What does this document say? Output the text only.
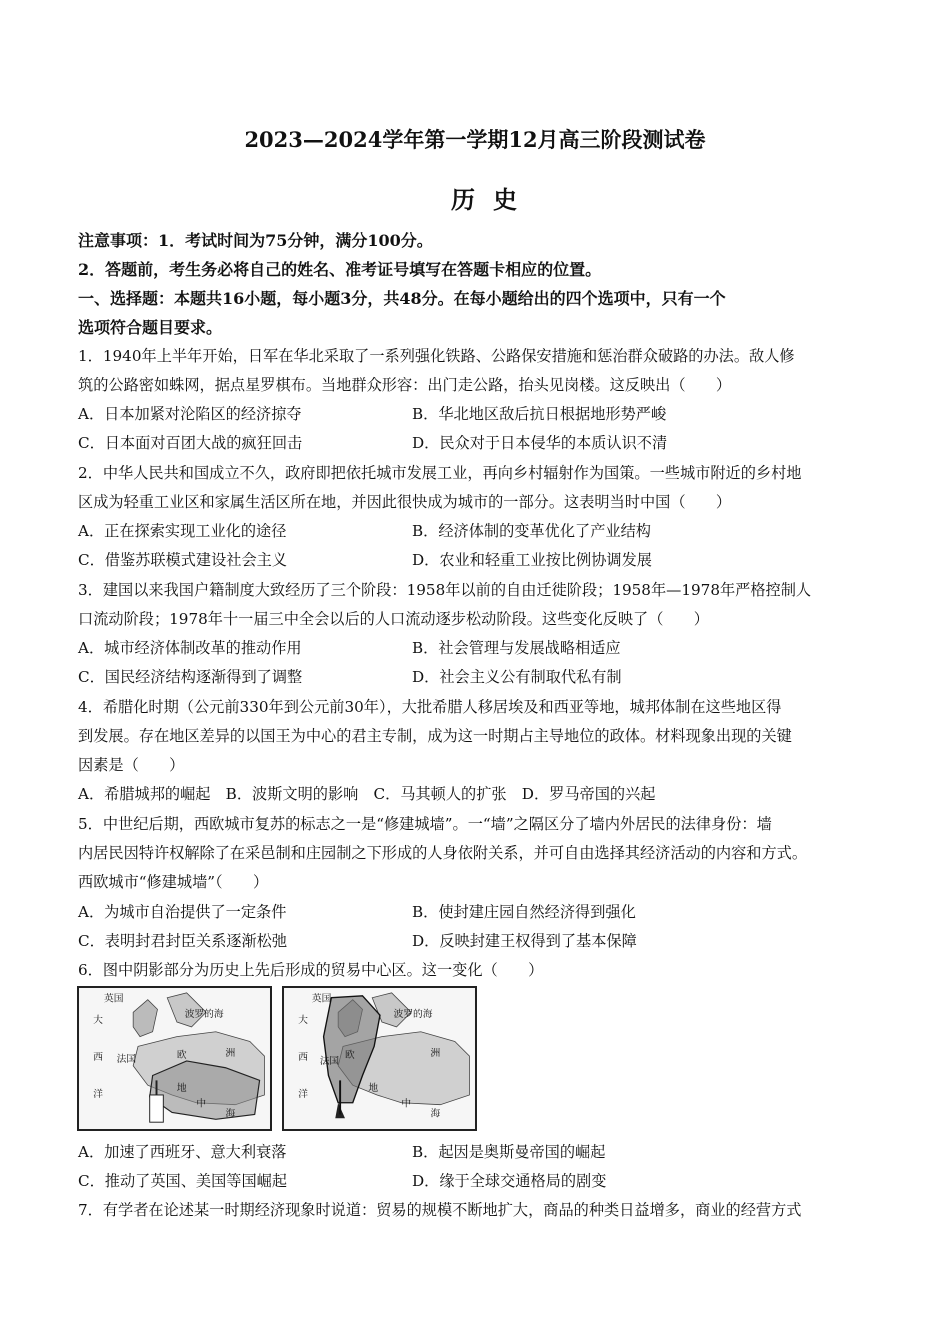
2023—2024学年第一学期12月高三阶段测试卷
历史
注意事项：1．考试时间为75分钟，满分100分。
2．答题前，考生务必将自己的姓名、准考证号填写在答题卡相应的位置。
一、选择题：本题共16小题，每小题3分，共48分。在每小题给出的四个选项中，只有一个
选项符合题目要求。
1．1940年上半年开始，日军在华北采取了一系列强化铁路、公路保安措施和惩治群众破路的办法。敌人修
筑的公路密如蛛网，据点星罗棋布。当地群众形容：出门走公路，抬头见岗楼。这反映出（　　）
A．日本加紧对沦陷区的经济掠夺	B．华北地区敌后抗日根据地形势严峻
C．日本面对百团大战的疯狂回击	D．民众对于日本侵华的本质认识不清
2．中华人民共和国成立不久，政府即把依托城市发展工业，再向乡村辐射作为国策。一些城市附近的乡村地
区成为轻重工业区和家属生活区所在地，并因此很快成为城市的一部分。这表明当时中国（　　）
A．正在探索实现工业化的途径	B．经济体制的变革优化了产业结构
C．借鉴苏联模式建设社会主义	D．农业和轻重工业按比例协调发展
3．建国以来我国户籍制度大致经历了三个阶段：1958年以前的自由迁徙阶段；1958年—1978年严格控制人
口流动阶段；1978年十一届三中全会以后的人口流动逐步松动阶段。这些变化反映了（　　）
A．城市经济体制改革的推动作用	B．社会管理与发展战略相适应
C．国民经济结构逐渐得到了调整	D．社会主义公有制取代私有制
4．希腊化时期（公元前330年到公元前30年），大批希腊人移居埃及和西亚等地，城邦体制在这些地区得
到发展。存在地区差异的以国王为中心的君主专制，成为这一时期占主导地位的政体。材料现象出现的关键
因素是（　　）
A．希腊城邦的崛起　B．波斯文明的影响　C．马其顿人的扩张　D．罗马帝国的兴起
5．中世纪后期，西欧城市复苏的标志之一是“修建城墙”。一“墙”之隔区分了墙内外居民的法律身份：墙
内居民因特许权解除了在采邑制和庄园制之下形成的人身依附关系，并可自由选择其经济活动的内容和方式。
西欧城市“修建城墙”（　　）
A．为城市自治提供了一定条件	B．使封建庄园自然经济得到强化
C．表明封君封臣关系逐渐松弛	D．反映封建王权得到了基本保障
6．图中阴影部分为历史上先后形成的贸易中心区。这一变化（　　）
英国
大
西 法国	欧
洋
洲
地
中
海
波罗的海
英国
大
西 法国
欧
洋
洲
地
中
海
波罗的海
A．加速了西班牙、意大利衰落	B．起因是奥斯曼帝国的崛起
C．推动了英国、美国等国崛起	D．缘于全球交通格局的剧变
7．有学者在论述某一时期经济现象时说道：贸易的规模不断地扩大，商品的种类日益增多，商业的经营方式
